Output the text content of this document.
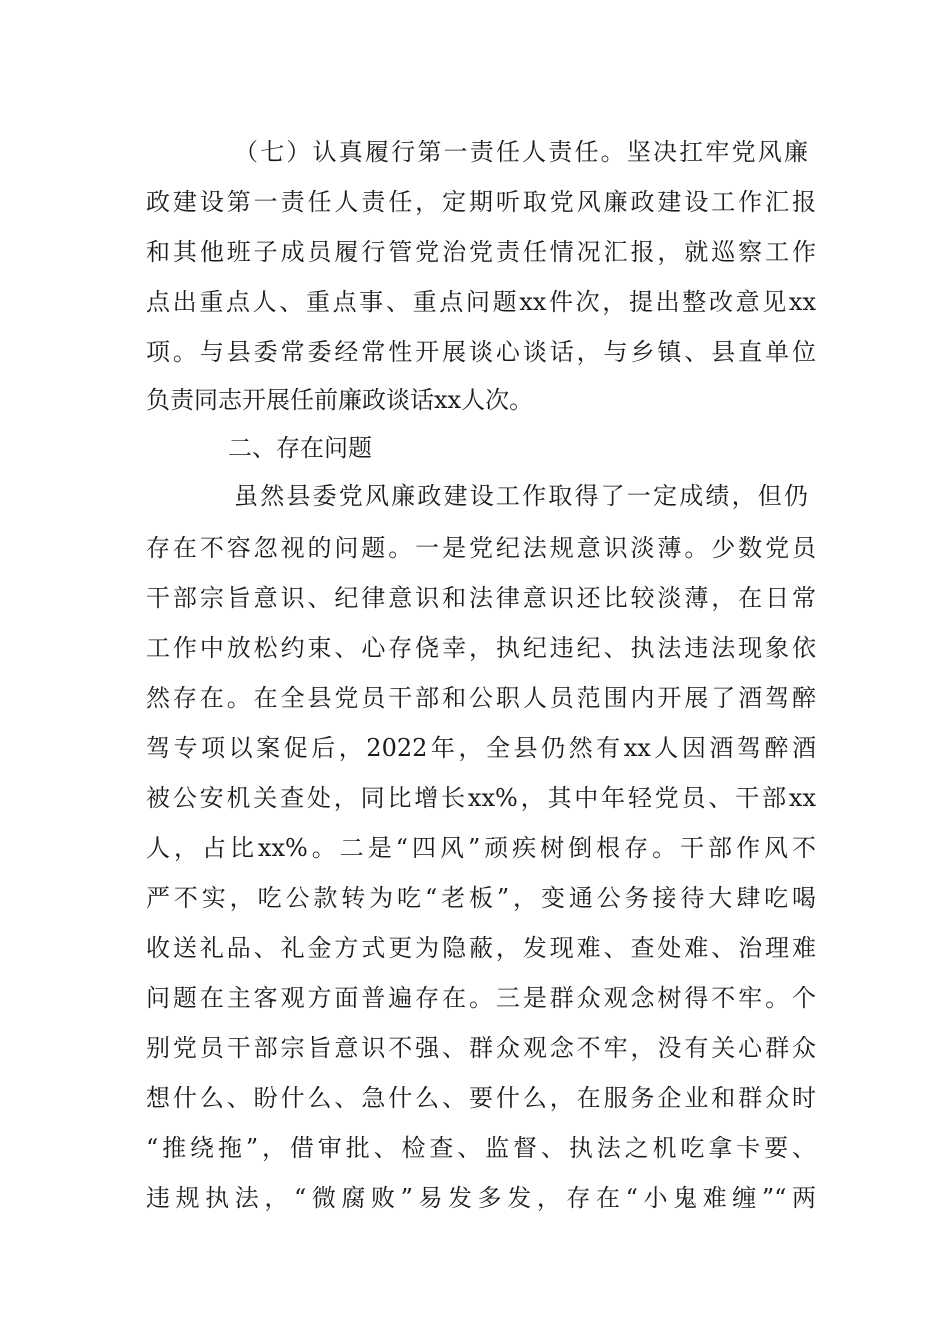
（七）认真履行第一责任人责任。坚决扛牢党风廉
政建设第一责任人责任，定期听取党风廉政建设工作汇报
和其他班子成员履行管党治党责任情况汇报，就巡察工作
点出重点人、重点事、重点问题xx件次，提出整改意见xx
项。与县委常委经常性开展谈心谈话，与乡镇、县直单位
负责同志开展任前廉政谈话xx人次。
二、存在问题
虽然县委党风廉政建设工作取得了一定成绩，但仍
存在不容忽视的问题。一是党纪法规意识淡薄。少数党员
干部宗旨意识、纪律意识和法律意识还比较淡薄，在日常
工作中放松约束、心存侥幸，执纪违纪、执法违法现象依
然存在。在全县党员干部和公职人员范围内开展了酒驾醉
驾专项以案促后，2022年，全县仍然有xx人因酒驾醉酒
被公安机关查处，同比增长xx%，其中年轻党员、干部xx
人，占比xx%。二是“四风”顽疾树倒根存。干部作风不
严不实，吃公款转为吃“老板”，变通公务接待大肆吃喝
收送礼品、礼金方式更为隐蔽，发现难、查处难、治理难
问题在主客观方面普遍存在。三是群众观念树得不牢。个
别党员干部宗旨意识不强、群众观念不牢，没有关心群众
想什么、盼什么、急什么、要什么，在服务企业和群众时
“推绕拖”，借审批、检查、监督、执法之机吃拿卡要、
违规执法，“微腐败”易发多发，存在“小鬼难缠”“两
